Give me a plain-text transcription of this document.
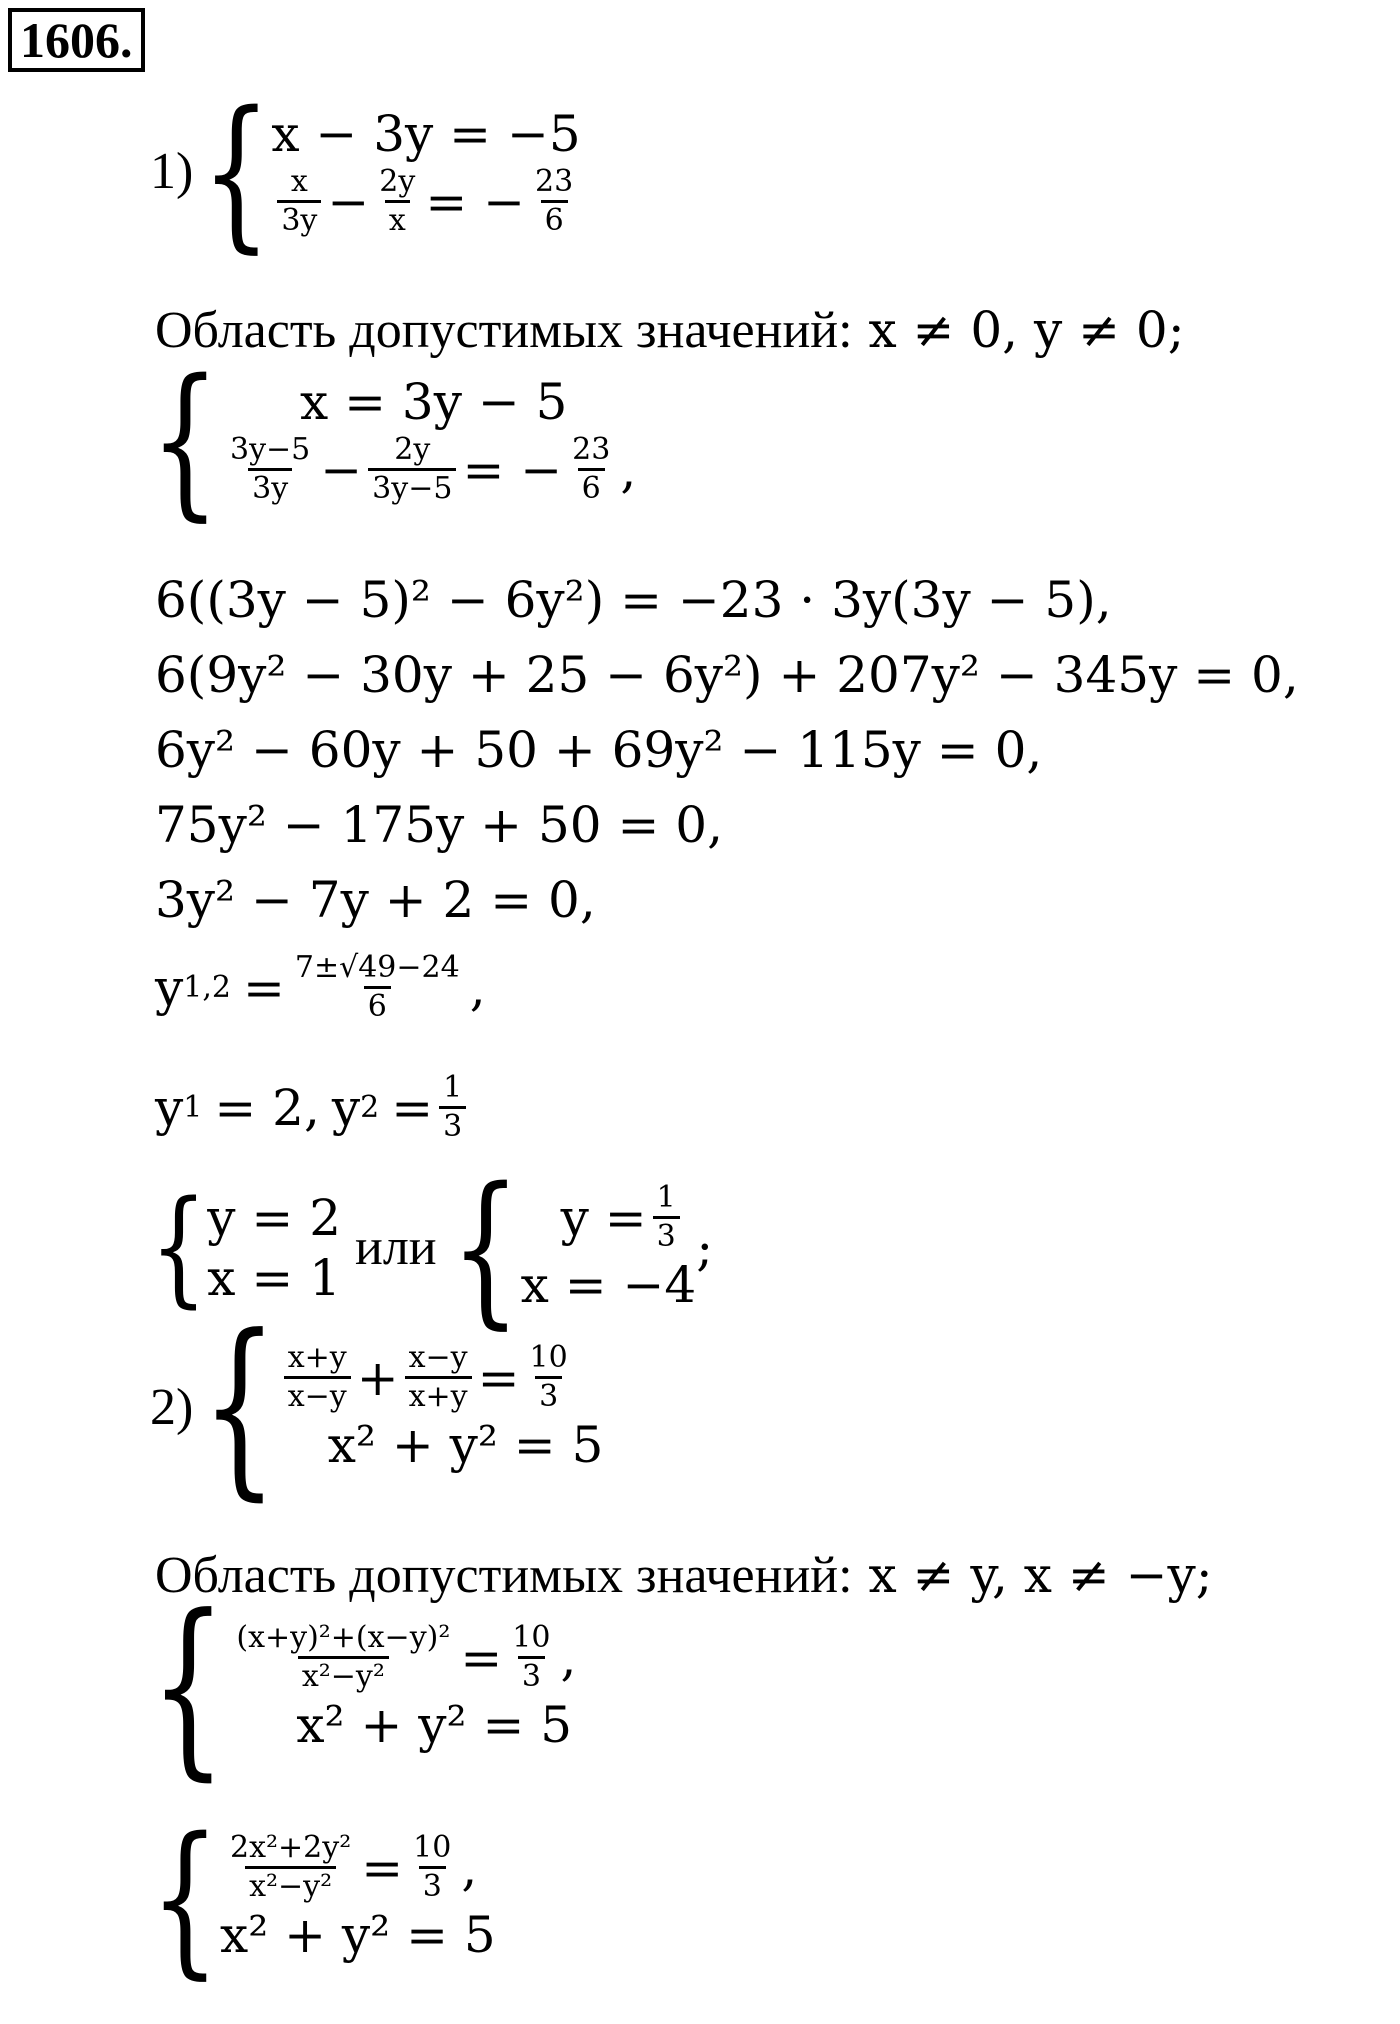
1606.
1) { x − 3y = −5
x
$3y - \frac{2y}{x}$ = − $\frac{23}{6}$
Область допустимых значений: x ≠ 0, y ≠ 0;
{ x = 3y − 5
3y−5
$3y - \frac{2y}{3y-5}$ = − $\frac{23}{6}$ ,
6((3y − 5)² − 6y²) = −23 · 3y(3y − 5),
6(9y² − 30y + 25 − 6y²) + 207y² − 345y = 0,
6y² − 60y + 50 + 69y² − 115y = 0,
75y² − 175y + 50 = 0,
3y² − 7y + 2 = 0,
y $1,2 = \frac{7\pm√49-24}{6}$ ,
y 1 = 2, y $2 = \frac{1}{3}$
{ y = 2
x = 1
или { $y = \frac{1}{3}$
x = −4
;
2) { x+y
$x-y + \frac{x-y}{x+y} = \frac{10}{3}$
x² + y² = 5
Область допустимых значений: x ≠ y, x ≠ −y;
{ $\frac{\text{(x+y)²+(x−y)²}}{\text{x²−y²}} = \frac{10}{3}$ ,
x² + y² = 5
{ $\frac{\text{2x²+2y²}}{\text{x²−y²}} = \frac{10}{3}$ ,
x² + y² = 5
